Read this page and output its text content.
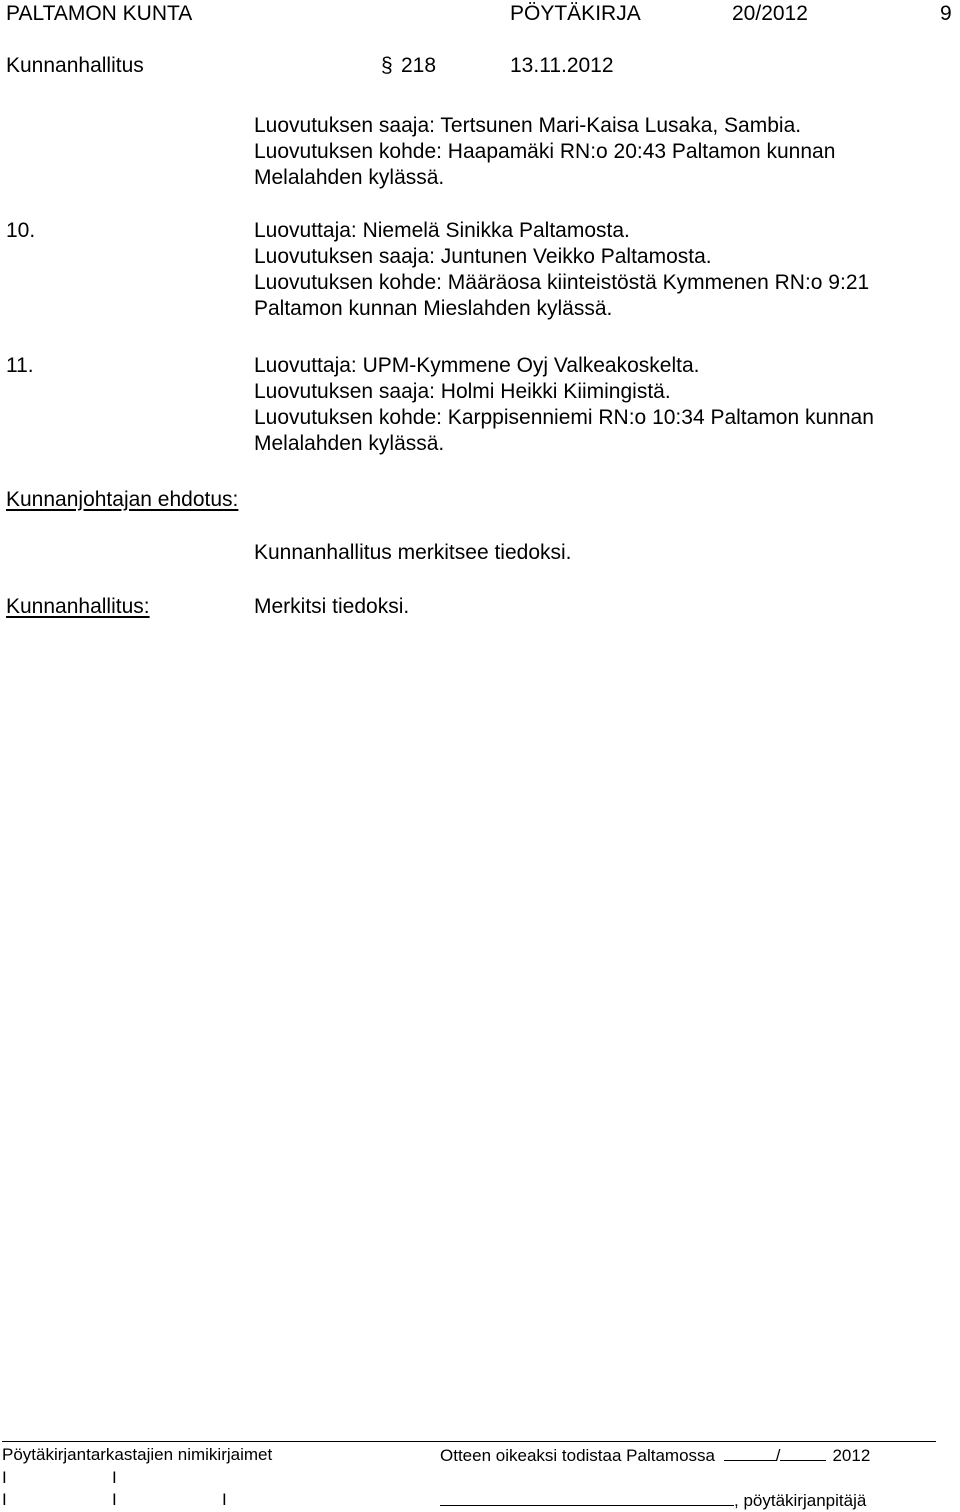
PALTAMON KUNTA	PÖYTÄKIRJA	20/2012	9
Kunnanhallitus	§ 218	13.11.2012
Luovutuksen saaja: Tertsunen Mari-Kaisa Lusaka, Sambia.
Luovutuksen kohde: Haapamäki RN:o 20:43 Paltamon kunnan
Melalahden kylässä.
10.	Luovuttaja: Niemelä Sinikka Paltamosta.
Luovutuksen saaja: Juntunen Veikko Paltamosta.
Luovutuksen kohde: Määräosa kiinteistöstä Kymmenen RN:o 9:21
Paltamon kunnan Mieslahden kylässä.
11.	Luovuttaja: UPM-Kymmene Oyj Valkeakoskelta.
Luovutuksen saaja: Holmi Heikki Kiimingistä.
Luovutuksen kohde: Karppisenniemi RN:o 10:34 Paltamon kunnan
Melalahden kylässä.
Kunnanjohtajan ehdotus:
Kunnanhallitus merkitsee tiedoksi.
Kunnanhallitus:	Merkitsi tiedoksi.
Pöytäkirjantarkastajien nimikirjaimet	Otteen oikeaksi todistaa Paltamossa	/	2012
I	I
I	I	I	, pöytäkirjanpitäjä
